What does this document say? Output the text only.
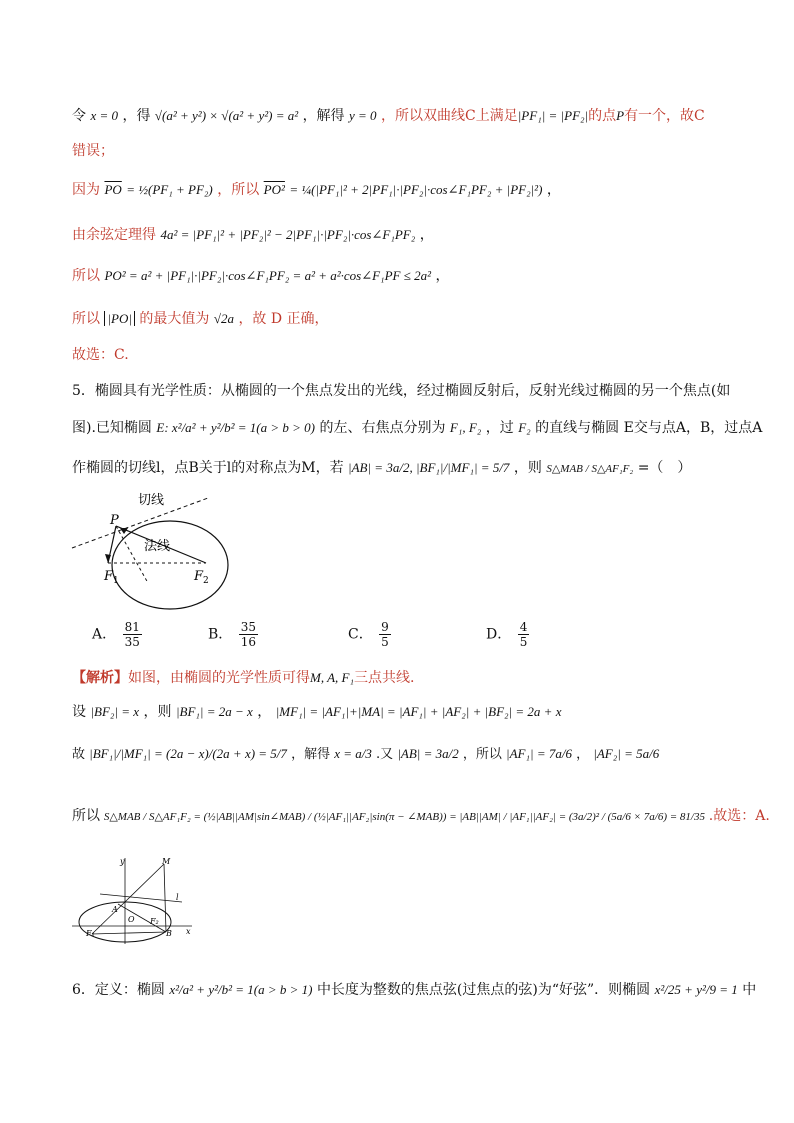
令 x = 0 ，得 √(a² + y²) × √(a² + y²) = a² ，解得 y = 0 ，所以双曲线C上满足|PF₁| = |PF₂|的点P有一个，故C
错误；
因为 $\overline{PO}$ = ½(PF₁ + PF₂) ，所以 PO² = ¼(|PF₁|² + 2|PF₁|·|PF₂|·cos∠F₁PF₂ + |PF₂|²) ，
由余弦定理得 4a² = |PF₁|² + |PF₂|² − 2|PF₁|·|PF₂|·cos∠F₁PF₂ ，
所以 PO² = a² + |PF₁|·|PF₂|·cos∠F₁PF₂ = a² + a²·cos∠F₁PF ≤ 2a² ，
所以 |PO| 的最大值为 √2a ，故 D 正确，
故选：C.
5．椭圆具有光学性质：从椭圆的一个焦点发出的光线，经过椭圆反射后，反射光线过椭圆的另一个焦点(如
图).已知椭圆 E: x²/a² + y²/b² = 1(a > b > 0) 的左、右焦点分别为 F₁, F₂ ，过 F₂ 的直线与椭圆 E交与点A，B，过点A
作椭圆的切线l，点B关于l的对称点为M，若 |AB| = 3a/2, |BF₁|/|MF₁| = 5/7 ，则 S△MAB / S△AF₁F₂ =（　）
切线
法线
P
F 1	F 2
A． $\frac{81}{35}$	B． $\frac{35}{16}$	C． $\frac{9}{5}$	D． $\frac{4}{5}$
【解析】如图，由椭圆的光学性质可得M, A, F₁三点共线.
设 |BF₂| = x ，则 |BF₁| = 2a − x ， |MF₁| = |AF₁|+|MA| = |AF₁| + |AF₂| + |BF₂| = 2a + x
故 |BF₁|/|MF₁| = (2a − x)/(2a + x) = 5/7 ，解得 x = a/3 .又 |AB| = 3a/2 ，所以 |AF₁| = 7a/6 ， |AF₂| = 5a/6
所以 S△MAB / S△AF₁F₂ = (½|AB||AM|sin∠MAB) / (½|AF₁||AF₂|sin(π − ∠MAB)) = |AB||AM| / |AF₁||AF₂| = (3a/2)² / (5a/6 × 7a/6) = 81/35 .故选：A.
y
x
M
l
A
O F₂
F₁	B
6．定义：椭圆 x²/a² + y²/b² = 1(a > b > 1) 中长度为整数的焦点弦(过焦点的弦)为“好弦”．则椭圆 x²/25 + y²/9 = 1 中
